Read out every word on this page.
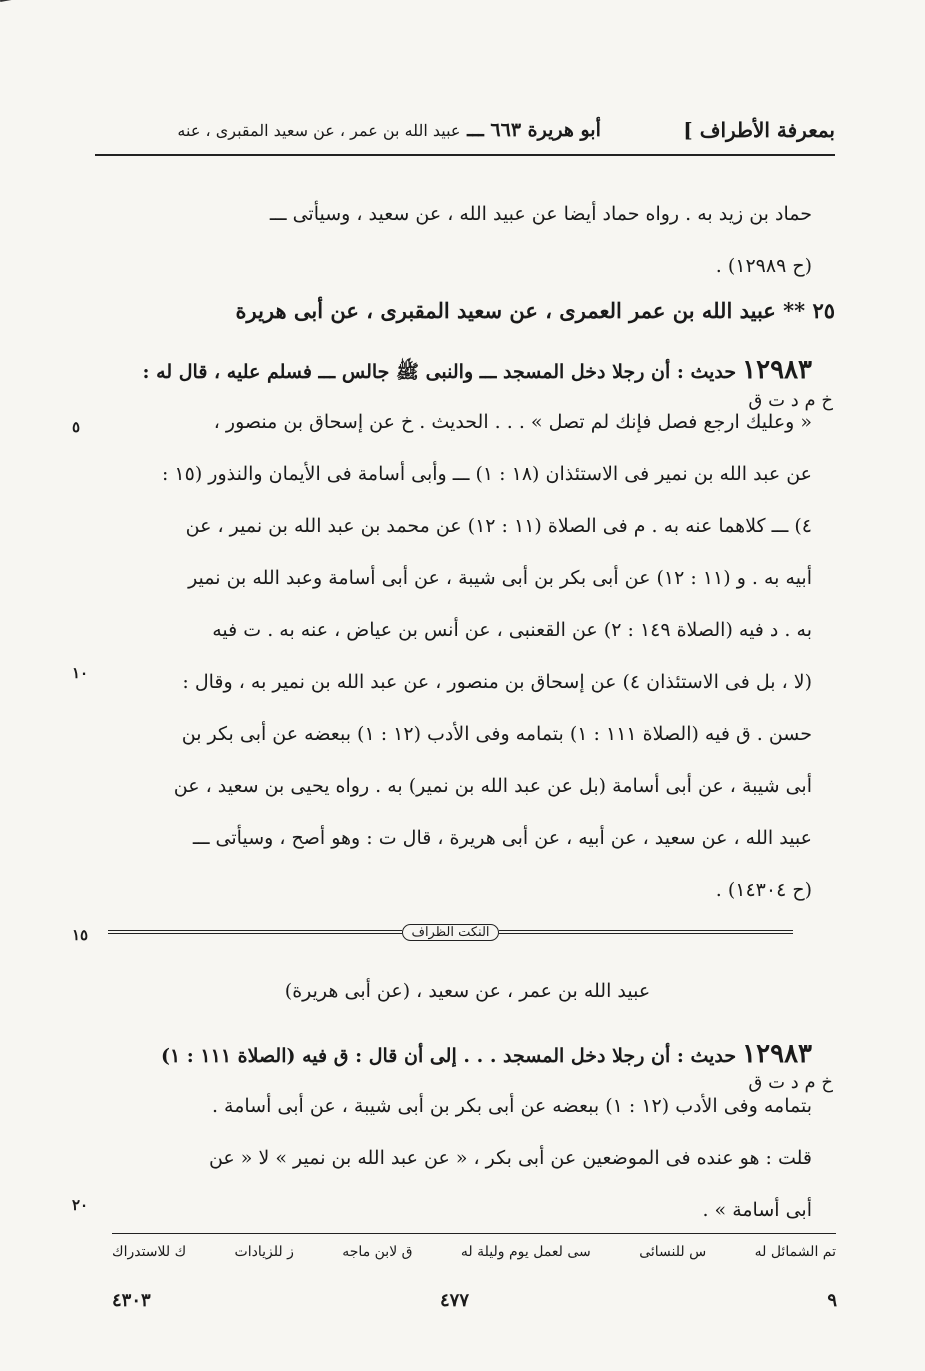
بمعرفة الأطراف ]
أبو هريرة ٦٦٣ ـــ عبيد الله بن عمر ، عن سعيد المقبرى ، عنه
حماد بن زيد به . رواه حماد أيضا عن عبيد الله ، عن سعيد ، وسيأتى ـــ
(ح ١٢٩٨٩) .
٢٥ ** عبيد الله بن عمر العمرى ، عن سعيد المقبرى ، عن أبى هريرة
١٢٩٨٣ حديث : أن رجلا دخل المسجد ـــ والنبى ﷺ جالس ـــ فسلم عليه ، قال له :
« وعليك ارجع فصل فإنك لم تصل » . . . الحديث . خ عن إسحاق بن منصور ،
عن عبد الله بن نمير فى الاستئذان (١٨ : ١) ـــ وأبى أسامة فى الأيمان والنذور (١٥ :
٤) ـــ كلاهما عنه به . م فى الصلاة (١١ : ١٢) عن محمد بن عبد الله بن نمير ، عن
أبيه به . و (١١ : ١٢) عن أبى بكر بن أبى شيبة ، عن أبى أسامة وعبد الله بن نمير
به . د فيه (الصلاة ١٤٩ : ٢) عن القعنبى ، عن أنس بن عياض ، عنه به . ت فيه
(لا ، بل فى الاستئذان ٤) عن إسحاق بن منصور ، عن عبد الله بن نمير به ، وقال :
حسن . ق فيه (الصلاة ١١١ : ١) بتمامه وفى الأدب (١٢ : ١) ببعضه عن أبى بكر بن
أبى شيبة ، عن أبى أسامة (بل عن عبد الله بن نمير) به . رواه يحيى بن سعيد ، عن
عبيد الله ، عن سعيد ، عن أبيه ، عن أبى هريرة ، قال ت : وهو أصح ، وسيأتى ـــ
(ح ١٤٣٠٤) .
خ م د ت ق
٥
١٠
١٥
٢٠
النكت الظراف
عبيد الله بن عمر ، عن سعيد ، (عن أبى هريرة)
١٢٩٨٣ حديث : أن رجلا دخل المسجد . . . إلى أن قال : ق فيه (الصلاة ١١١ : ١)
بتمامه وفى الأدب (١٢ : ١) ببعضه عن أبى بكر بن أبى شيبة ، عن أبى أسامة .
قلت : هو عنده فى الموضعين عن أبى بكر ، « عن عبد الله بن نمير » لا « عن
أبى أسامة » .
خ م د ت ق
تم الشمائل له
س للنسائى
سى لعمل يوم وليلة له
ق لابن ماجه
ز للزيادات
ك للاستدراك
٩
٤٧٧
٤٣٠٣
